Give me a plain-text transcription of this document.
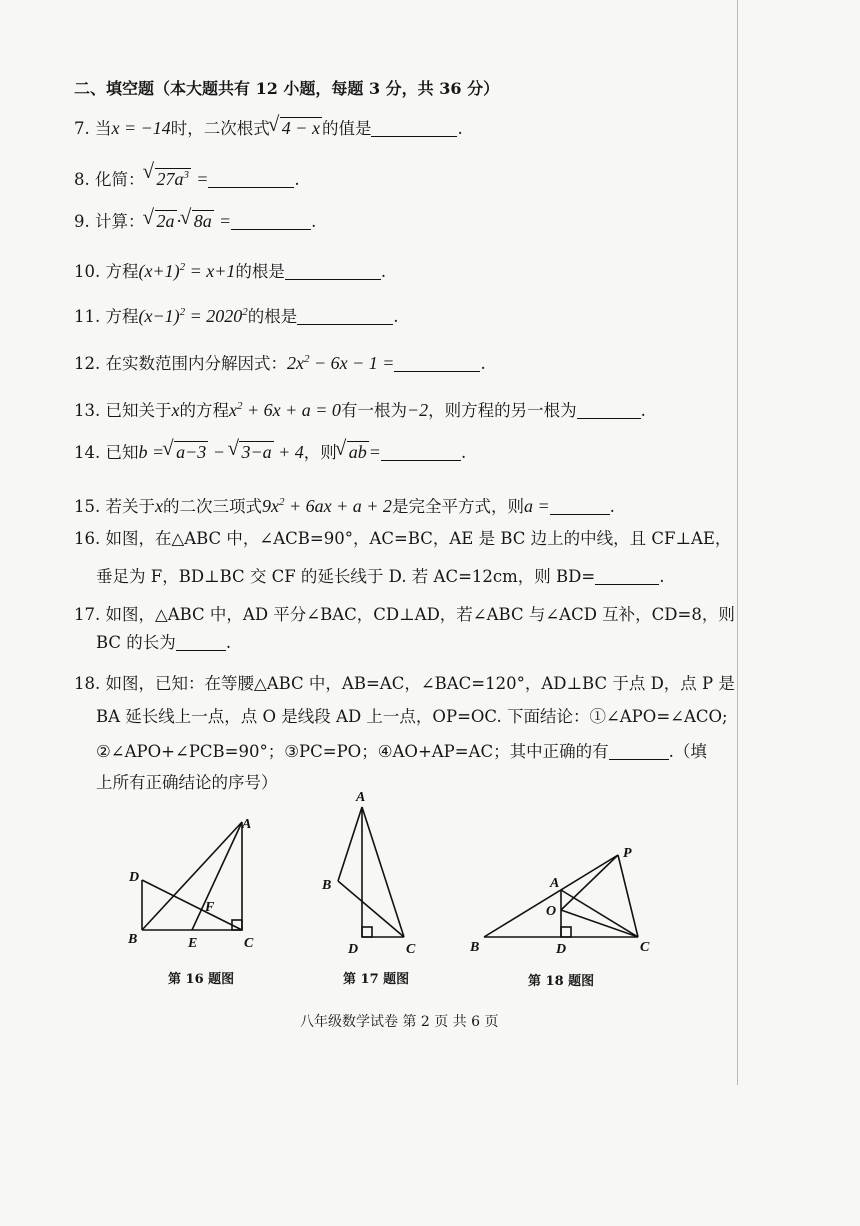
二、填空题（本大题共有 12 小题，每题 3 分，共 36 分）
7. 当x = −14时，二次根式 √ 4 − x 的值是	.
8. 化简： √ $27a^3$ =	.
9. 计算： √ 2a · √ 8a =	.
10. 方程$(x+1)^2 = x+1$的根是	.
11. 方程$(x-1)^2 = 2020^2$的根是	.
12. 在实数范围内分解因式：$2x^2 - 6x - 1$ =	.
13. 已知关于x的方程$x^2 + 6x + a = 0$有一根为−2，则方程的另一根为	.
14. 已知b = √ a−3 − √ 3−a + 4，则 √ ab =	.
15. 若关于x的二次三项式$9x^2 + 6ax + a + 2$是完全平方式，则a =	.
16. 如图，在△ABC 中，∠ACB=90°，AC=BC，AE 是 BC 边上的中线，且 CF⊥AE，
垂足为 F，BD⊥BC 交 CF 的延长线于 D. 若 AC=12cm，则 BD=	.
17. 如图，△ABC 中，AD 平分∠BAC，CD⊥AD，若∠ABC 与∠ACD 互补，CD=8，则
BC 的长为	.
18. 如图，已知：在等腰△ABC 中，AB=AC，∠BAC=120°，AD⊥BC 于点 D，点 P 是
BA 延长线上一点，点 O 是线段 AD 上一点，OP=OC. 下面结论：①∠APO=∠ACO;
②∠APO+∠PCB=90°；③PC=PO；④AO+AP=AC；其中正确的有	.（填
上所有正确结论的序号）
D
B	E	C
A
F
第 16 题图
A
B
D	C
第 17 题图
A
P
O
B	D	C
第 18 题图
八年级数学试卷 第 2 页 共 6 页
